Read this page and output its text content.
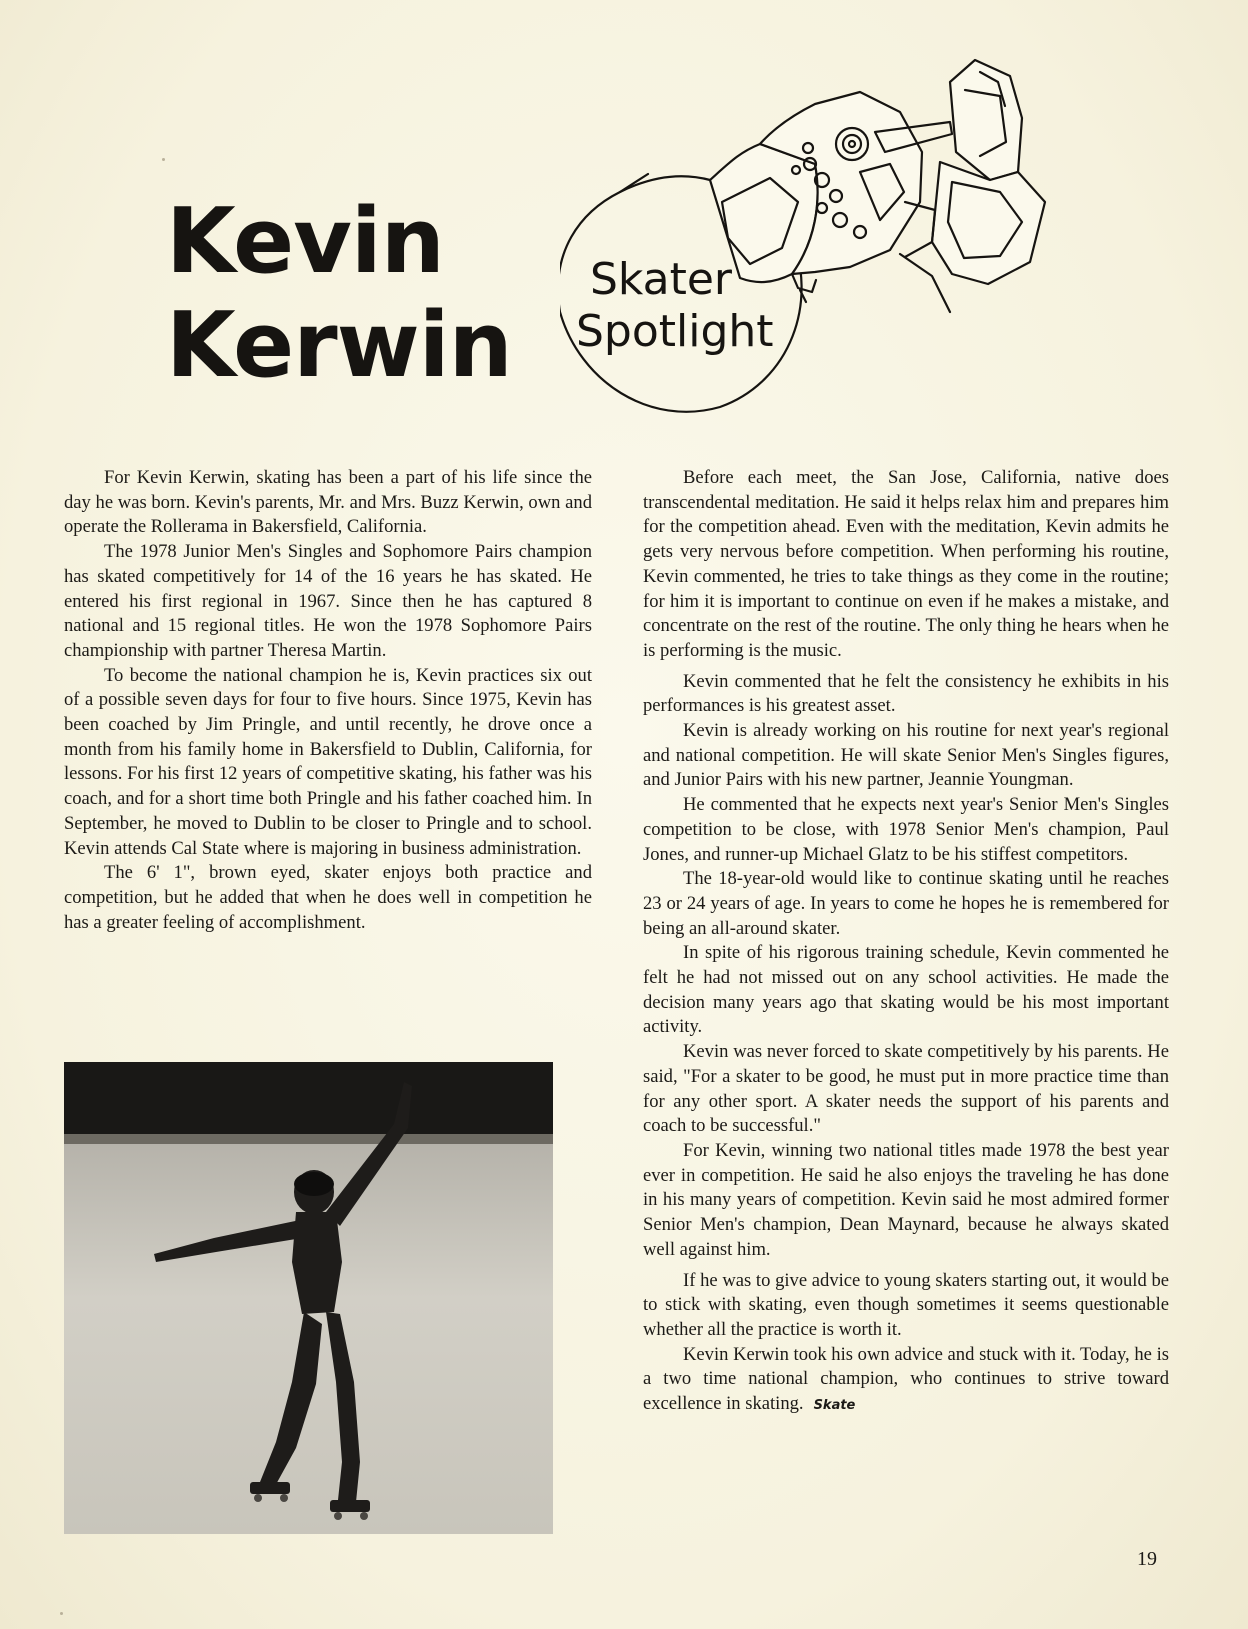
Kevin
Kerwin
Skater
Spotlight

For Kevin Kerwin, skating has been a part of his life since the day he was born. Kevin's parents, Mr. and Mrs. Buzz Kerwin, own and operate the Rollerama in Bakersfield, California.

The 1978 Junior Men's Singles and Sophomore Pairs champion has skated competitively for 14 of the 16 years he has skated. He entered his first regional in 1967. Since then he has captured 8 national and 15 regional titles. He won the 1978 Sophomore Pairs championship with partner Theresa Martin.

To become the national champion he is, Kevin practices six out of a possible seven days for four to five hours. Since 1975, Kevin has been coached by Jim Pringle, and until recently, he drove once a month from his family home in Bakersfield to Dublin, California, for lessons. For his first 12 years of competitive skating, his father was his coach, and for a short time both Pringle and his father coached him. In September, he moved to Dublin to be closer to Pringle and to school. Kevin attends Cal State where is majoring in business administration.

The 6' 1", brown eyed, skater enjoys both practice and competition, but he added that when he does well in competition he has a greater feeling of accomplishment.

Before each meet, the San Jose, California, native does transcendental meditation. He said it helps relax him and prepares him for the competition ahead. Even with the meditation, Kevin admits he gets very nervous before competition. When performing his routine, Kevin commented, he tries to take things as they come in the routine; for him it is important to continue on even if he makes a mistake, and concentrate on the rest of the routine. The only thing he hears when he is performing is the music.

Kevin commented that he felt the consistency he exhibits in his performances is his greatest asset.

Kevin is already working on his routine for next year's regional and national competition. He will skate Senior Men's Singles figures, and Junior Pairs with his new partner, Jeannie Youngman.

He commented that he expects next year's Senior Men's Singles competition to be close, with 1978 Senior Men's champion, Paul Jones, and runner-up Michael Glatz to be his stiffest competitors.

The 18-year-old would like to continue skating until he reaches 23 or 24 years of age. In years to come he hopes he is remembered for being an all-around skater.

In spite of his rigorous training schedule, Kevin commented he felt he had not missed out on any school activities. He made the decision many years ago that skating would be his most important activity.

Kevin was never forced to skate competitively by his parents. He said, "For a skater to be good, he must put in more practice time than for any other sport. A skater needs the support of his parents and coach to be successful."

For Kevin, winning two national titles made 1978 the best year ever in competition. He said he also enjoys the traveling he has done in his many years of competition. Kevin said he most admired former Senior Men's champion, Dean Maynard, because he always skated well against him.

If he was to give advice to young skaters starting out, it would be to stick with skating, even though sometimes it seems questionable whether all the practice is worth it.

Kevin Kerwin took his own advice and stuck with it. Today, he is a two time national champion, who continues to strive toward excellence in skating. Skate

19
